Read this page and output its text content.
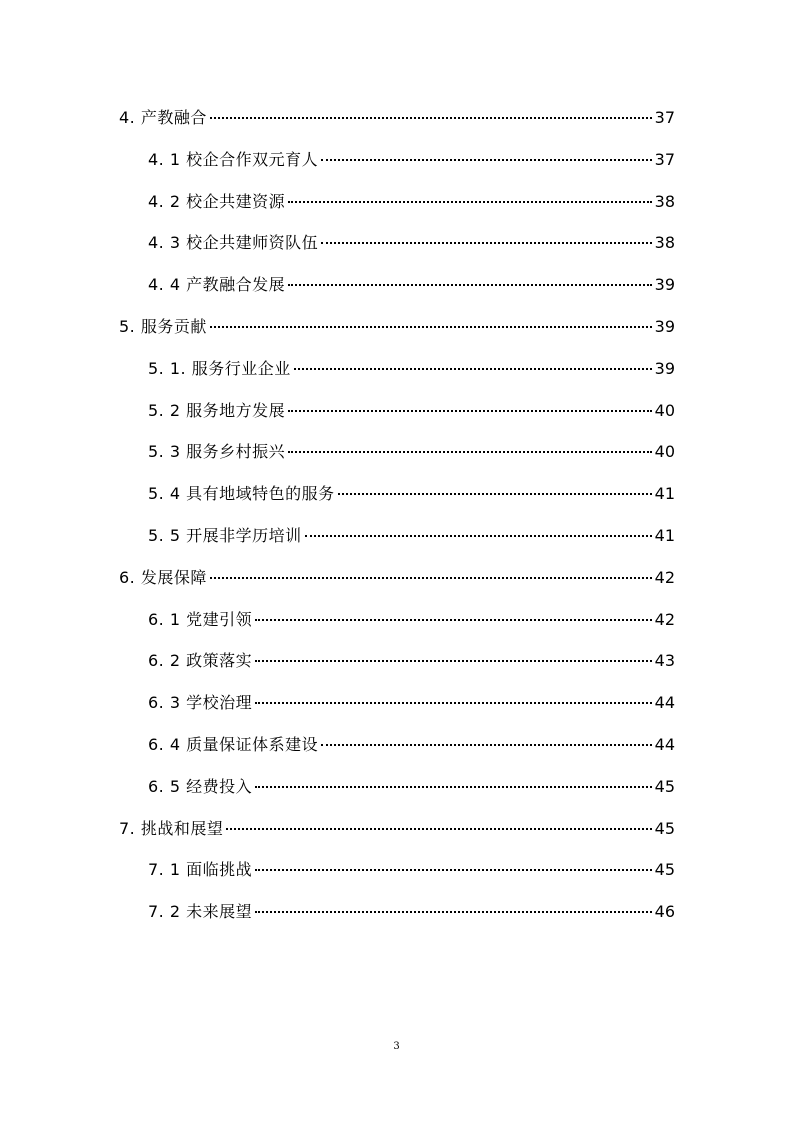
4. 产教融合	37
4. 1 校企合作双元育人	37
4. 2 校企共建资源	38
4. 3 校企共建师资队伍	38
4. 4 产教融合发展	39
5. 服务贡献	39
5. 1. 服务行业企业	39
5. 2 服务地方发展	40
5. 3 服务乡村振兴	40
5. 4 具有地域特色的服务	41
5. 5 开展非学历培训	41
6. 发展保障	42
6. 1 党建引领	42
6. 2 政策落实	43
6. 3 学校治理	44
6. 4 质量保证体系建设	44
6. 5 经费投入	45
7. 挑战和展望	45
7. 1 面临挑战	45
7. 2 未来展望	46
3
